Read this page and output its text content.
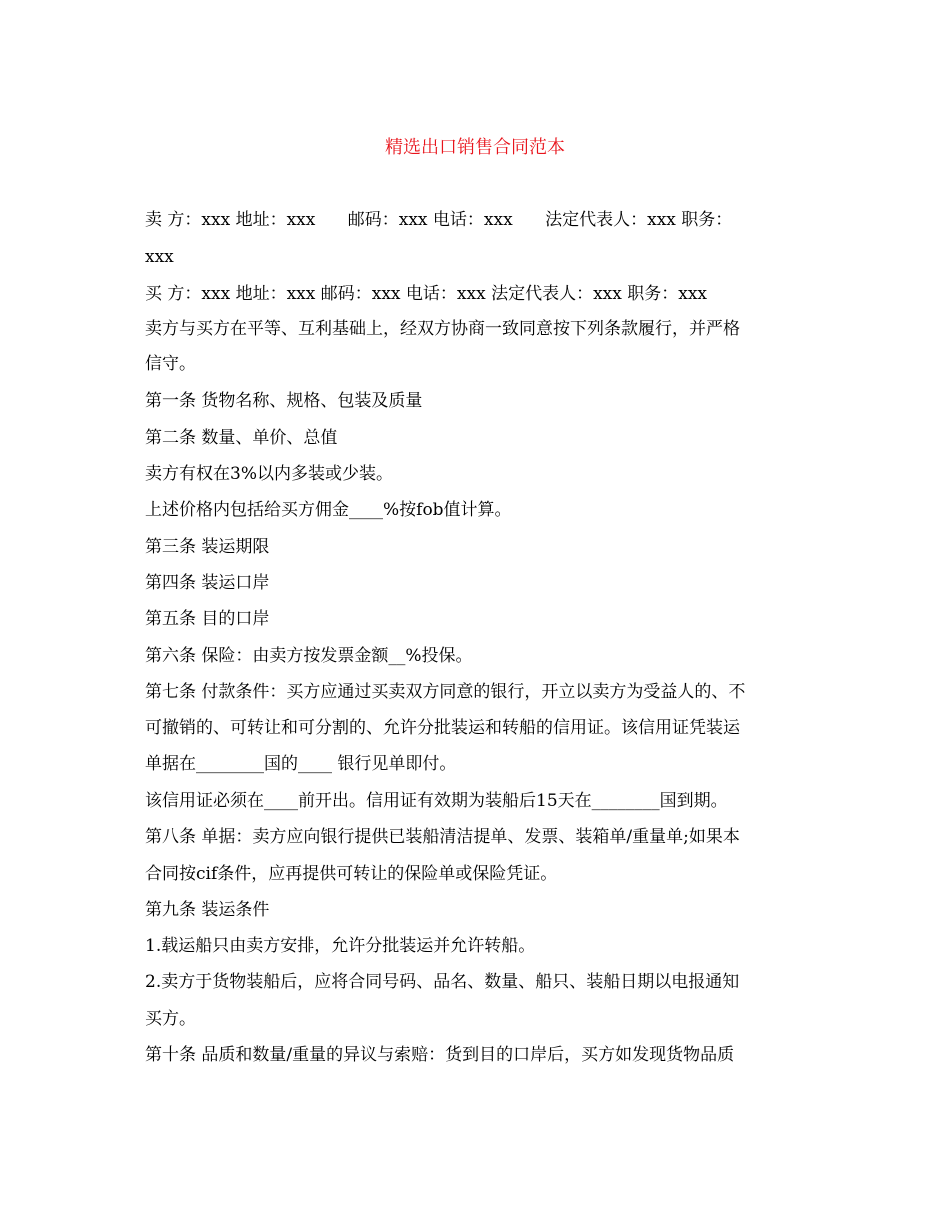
精选出口销售合同范本
卖 方：xxx 地址：xxx      邮码：xxx 电话：xxx      法定代表人：xxx 职务：
xxx
买 方：xxx 地址：xxx 邮码：xxx 电话：xxx 法定代表人：xxx 职务：xxx
卖方与买方在平等、互利基础上，经双方协商一致同意按下列条款履行，并严格
信守。
第一条 货物名称、规格、包装及质量
第二条 数量、单价、总值
卖方有权在3%以内多装或少装。
上述价格内包括给买方佣金____%按fob值计算。
第三条 装运期限
第四条 装运口岸
第五条 目的口岸
第六条 保险：由卖方按发票金额__%投保。
第七条 付款条件：买方应通过买卖双方同意的银行，开立以卖方为受益人的、不
可撤销的、可转让和可分割的、允许分批装运和转船的信用证。该信用证凭装运
单据在________国的____ 银行见单即付。
该信用证必须在____前开出。信用证有效期为装船后15天在________国到期。
第八条 单据：卖方应向银行提供已装船清洁提单、发票、装箱单/重量单;如果本
合同按cif条件，应再提供可转让的保险单或保险凭证。
第九条 装运条件
1.载运船只由卖方安排，允许分批装运并允许转船。
2.卖方于货物装船后，应将合同号码、品名、数量、船只、装船日期以电报通知
买方。
第十条 品质和数量/重量的异议与索赔：货到目的口岸后，买方如发现货物品质
